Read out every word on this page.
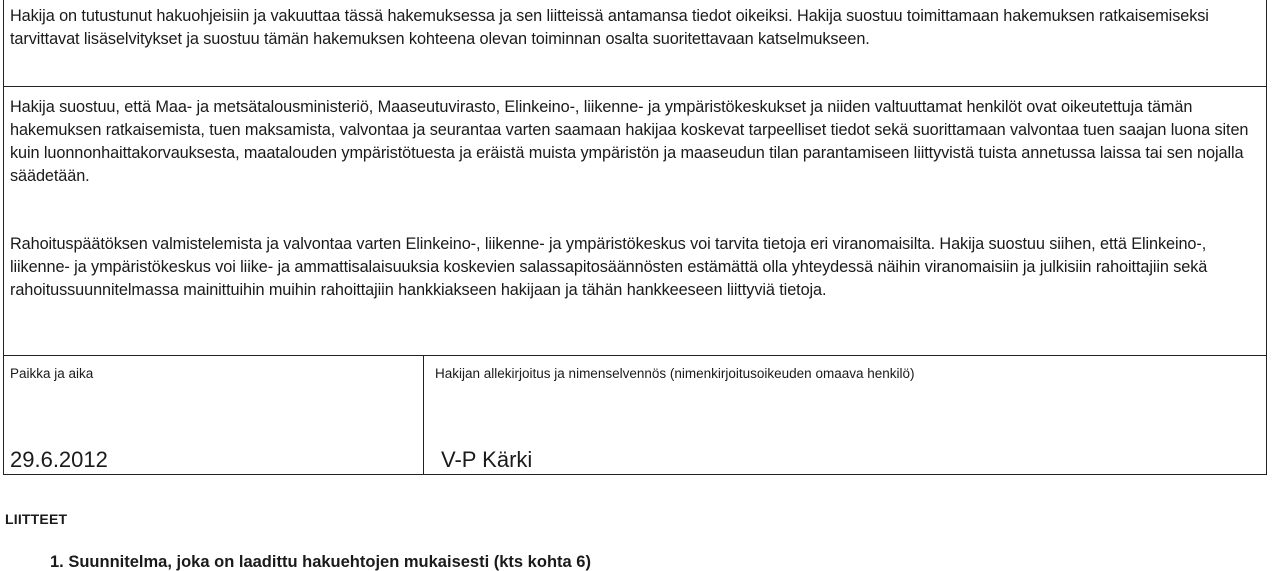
Hakija on tutustunut hakuohjeisiin ja vakuuttaa tässä hakemuksessa ja sen liitteissä antamansa tiedot oikeiksi. Hakija suostuu toimittamaan hakemuksen ratkaisemiseksi tarvittavat lisäselvitykset ja suostuu tämän hakemuksen kohteena olevan toiminnan osalta suoritettavaan katselmukseen.

Hakija suostuu, että Maa- ja metsätalousministeriö, Maaseutuvirasto, Elinkeino-, liikenne- ja ympäristökeskukset ja niiden valtuuttamat henkilöt ovat oikeutettuja tämän hakemuksen ratkaisemista, tuen maksamista, valvontaa ja seurantaa varten saamaan hakijaa koskevat tarpeelliset tiedot sekä suorittamaan valvontaa tuen saajan luona siten kuin luonnonhaittakorvauksesta, maatalouden ympäristötuesta ja eräistä muista ympäristön ja maaseudun tilan parantamiseen liittyvistä tuista annetussa laissa tai sen nojalla säädetään.

Rahoituspäätöksen valmistelemista ja valvontaa varten Elinkeino-, liikenne- ja ympäristökeskus voi tarvita tietoja eri viranomaisilta. Hakija suostuu siihen, että Elinkeino-, liikenne- ja ympäristökeskus voi liike- ja ammattisalaisuuksia koskevien salassapitosäännösten estämättä olla yhteydessä näihin viranomaisiin ja julkisiin rahoittajiin sekä rahoitussuunnitelmassa mainittuihin muihin rahoittajiin hankkiakseen hakijaan ja tähän hankkeeseen liittyviä tietoja.

Paikka ja aika	Hakijan allekirjoitus ja nimenselvennös (nimenkirjoitusoikeuden omaava henkilö)
29.6.2012	V-P Kärki
LIITTEET
1. Suunnitelma, joka on laadittu hakuehtojen mukaisesti (kts kohta 6)
